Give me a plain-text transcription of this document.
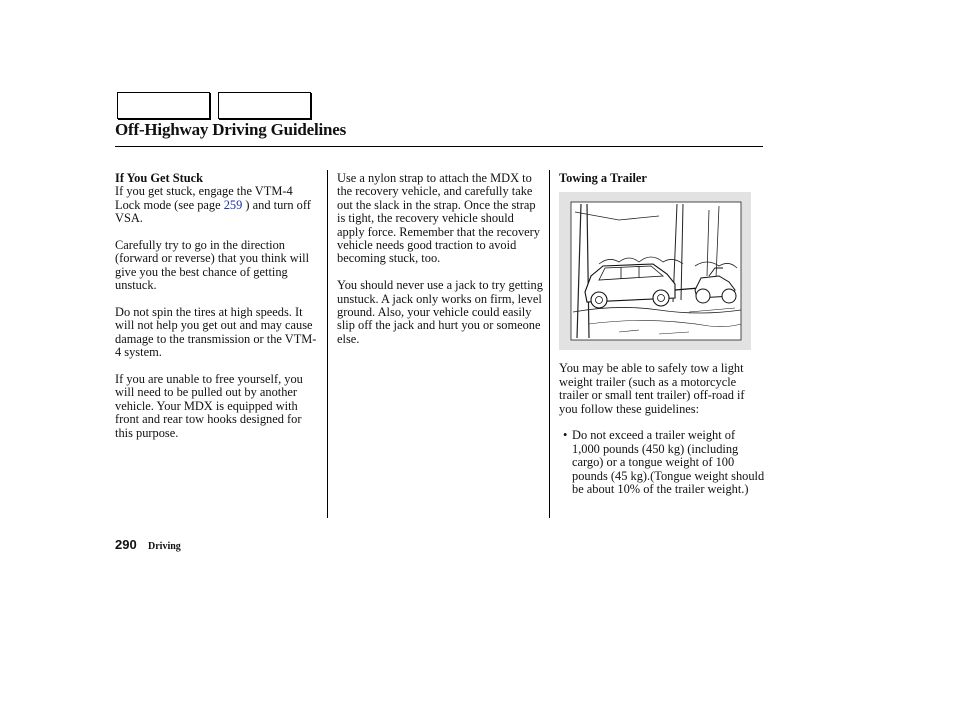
Off-Highway Driving Guidelines
If You Get Stuck

If you get stuck, engage the VTM-4 Lock mode (see page 259 ) and turn off VSA.

Carefully try to go in the direction (forward or reverse) that you think will give you the best chance of getting unstuck.

Do not spin the tires at high speeds. It will not help you get out and may cause damage to the transmission or the VTM-4 system.

If you are unable to free yourself, you will need to be pulled out by another vehicle. Your MDX is equipped with front and rear tow hooks designed for this purpose.

Use a nylon strap to attach the MDX to the recovery vehicle, and carefully take out the slack in the strap. Once the strap is tight, the recovery vehicle should apply force. Remember that the recovery vehicle needs good traction to avoid becoming stuck, too.

You should never use a jack to try getting unstuck. A jack only works on firm, level ground. Also, your vehicle could easily slip off the jack and hurt you or someone else.

Towing a Trailer

You may be able to safely tow a light weight trailer (such as a motorcycle trailer or small tent trailer) off-road if you follow these guidelines:

• Do not exceed a trailer weight of 1,000 pounds (450 kg) (including cargo) or a tongue weight of 100 pounds (45 kg).(Tongue weight should be about 10% of the trailer weight.)
290 Driving
